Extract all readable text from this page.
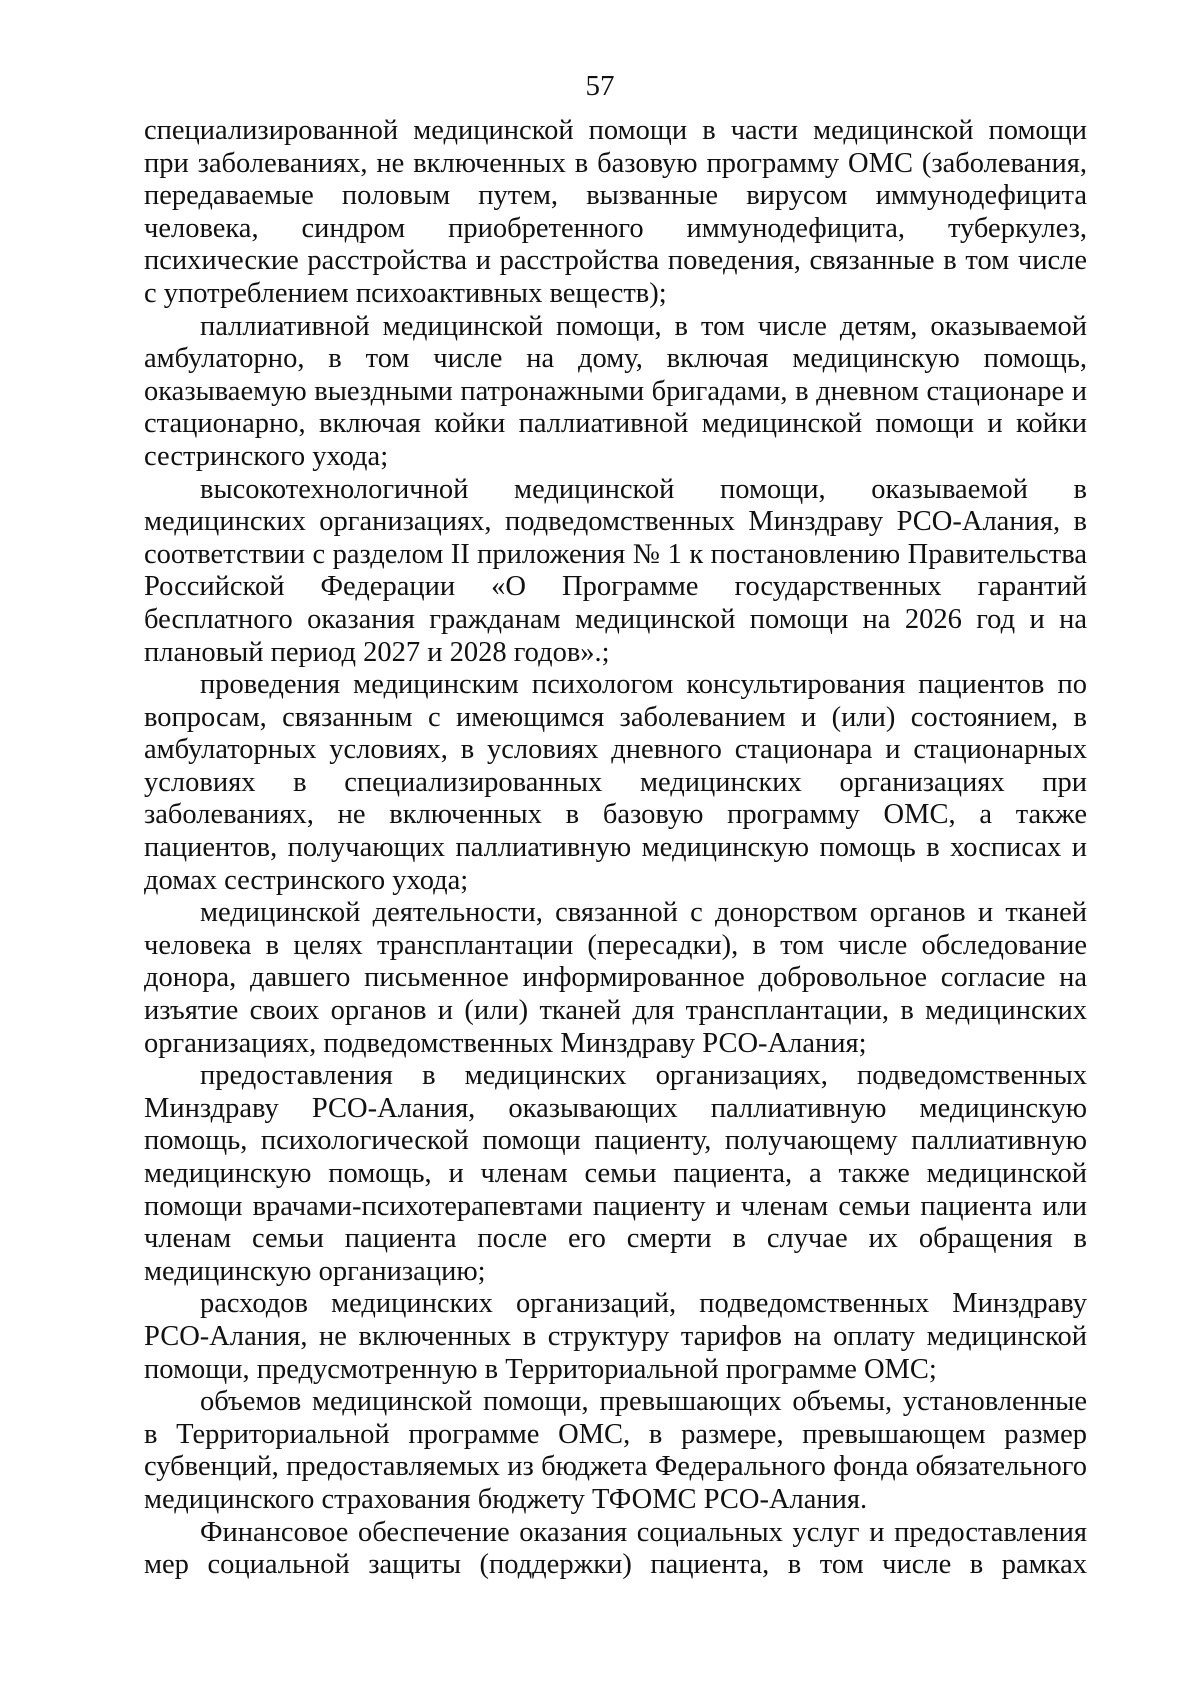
57

специализированной медицинской помощи в части медицинской помощи при заболеваниях, не включенных в базовую программу ОМС (заболевания, передаваемые половым путем, вызванные вирусом иммунодефицита человека, синдром приобретенного иммунодефицита, туберкулез, психические расстройства и расстройства поведения, связанные в том числе с употреблением психоактивных веществ);

паллиативной медицинской помощи, в том числе детям, оказываемой амбулаторно, в том числе на дому, включая медицинскую помощь, оказываемую выездными патронажными бригадами, в дневном стационаре и стационарно, включая койки паллиативной медицинской помощи и койки сестринского ухода;

высокотехнологичной медицинской помощи, оказываемой в медицинских организациях, подведомственных Минздраву РСО-Алания, в соответствии с разделом II приложения № 1 к постановлению Правительства Российской Федерации «О Программе государственных гарантий бесплатного оказания гражданам медицинской помощи на 2026 год и на плановый период 2027 и 2028 годов».;

проведения медицинским психологом консультирования пациентов по вопросам, связанным с имеющимся заболеванием и (или) состоянием, в амбулаторных условиях, в условиях дневного стационара и стационарных условиях в специализированных медицинских организациях при заболеваниях, не включенных в базовую программу ОМС, а также пациентов, получающих паллиативную медицинскую помощь в хосписах и домах сестринского ухода;

медицинской деятельности, связанной с донорством органов и тканей человека в целях трансплантации (пересадки), в том числе обследование донора, давшего письменное информированное добровольное согласие на изъятие своих органов и (или) тканей для трансплантации, в медицинских организациях, подведомственных Минздраву РСО-Алания;

предоставления в медицинских организациях, подведомственных Минздраву РСО-Алания, оказывающих паллиативную медицинскую помощь, психологической помощи пациенту, получающему паллиативную медицинскую помощь, и членам семьи пациента, а также медицинской помощи врачами-психотерапевтами пациенту и членам семьи пациента или членам семьи пациента после его смерти в случае их обращения в медицинскую организацию;

расходов медицинских организаций, подведомственных Минздраву РСО-Алания, не включенных в структуру тарифов на оплату медицинской помощи, предусмотренную в Территориальной программе ОМС;

объемов медицинской помощи, превышающих объемы, установленные в Территориальной программе ОМС, в размере, превышающем размер субвенций, предоставляемых из бюджета Федерального фонда обязательного медицинского страхования бюджету ТФОМС РСО-Алания.

Финансовое обеспечение оказания социальных услуг и предоставления мер социальной защиты (поддержки) пациента, в том числе в рамках
